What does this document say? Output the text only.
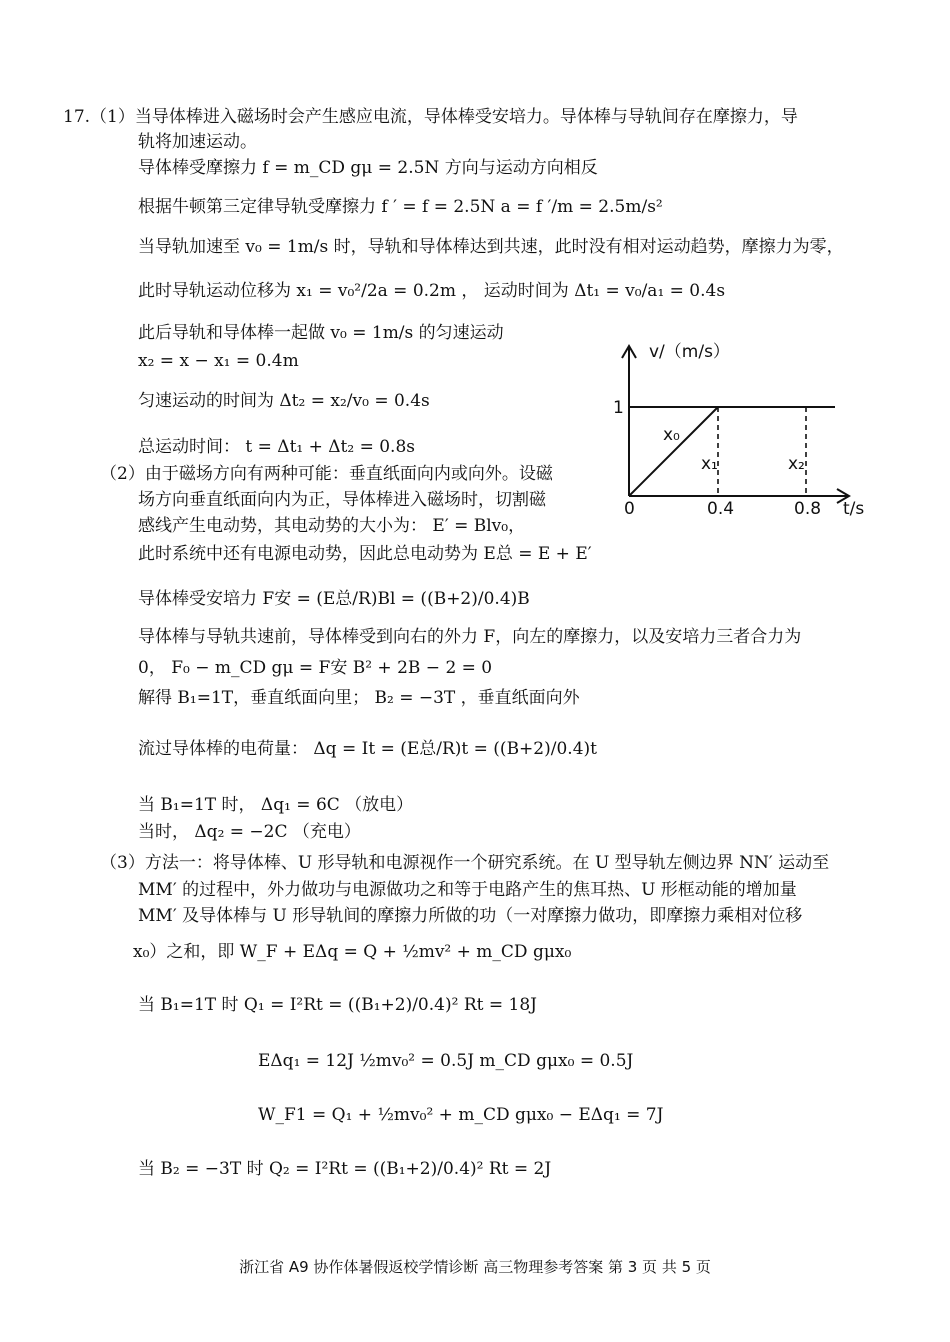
17.（1）当导体棒进入磁场时会产生感应电流，导体棒受安培力。导体棒与导轨间存在摩擦力，导
轨将加速运动。
导体棒受摩擦力 f = m_CD gμ = 2.5N 方向与运动方向相反
根据牛顿第三定律导轨受摩擦力 f ′ = f = 2.5N a = f ′/m = 2.5m/s²
当导轨加速至 v₀ = 1m/s 时，导轨和导体棒达到共速，此时没有相对运动趋势，摩擦力为零，
此时导轨运动位移为 x₁ = v₀²/2a = 0.2m ， 运动时间为 Δt₁ = v₀/a₁ = 0.4s
此后导轨和导体棒一起做 v₀ = 1m/s 的匀速运动
x₂ = x − x₁ = 0.4m
匀速运动的时间为 Δt₂ = x₂/v₀ = 0.4s
总运动时间： t = Δt₁ + Δt₂ = 0.8s
（2）由于磁场方向有两种可能：垂直纸面向内或向外。设磁
场方向垂直纸面向内为正，导体棒进入磁场时，切割磁
感线产生电动势，其电动势的大小为： E′ = Blv₀，
此时系统中还有电源电动势，因此总电动势为 E总 = E + E′
导体棒受安培力 F安 = (E总/R)Bl = ((B+2)/0.4)B
导体棒与导轨共速前，导体棒受到向右的外力 F，向左的摩擦力，以及安培力三者合力为
0， F₀ − m_CD gμ = F安 B² + 2B − 2 = 0
解得 B₁=1T，垂直纸面向里； B₂ = −3T ，垂直纸面向外
流过导体棒的电荷量： Δq = It = (E总/R)t = ((B+2)/0.4)t
当 B₁=1T 时， Δq₁ = 6C （放电）
当时， Δq₂ = −2C （充电）
（3）方法一：将导体棒、U 形导轨和电源视作一个研究系统。在 U 型导轨左侧边界 NN′ 运动至
MM′ 的过程中，外力做功与电源做功之和等于电路产生的焦耳热、U 形框动能的增加量
MM′ 及导体棒与 U 形导轨间的摩擦力所做的功（一对摩擦力做功，即摩擦力乘相对位移
x₀）之和，即 W_F + EΔq = Q + ½mv² + m_CD gμx₀
当 B₁=1T 时 Q₁ = I²Rt = ((B₁+2)/0.4)² Rt = 18J
EΔq₁ = 12J ½mv₀² = 0.5J m_CD gμx₀ = 0.5J
W_F1 = Q₁ + ½mv₀² + m_CD gμx₀ − EΔq₁ = 7J
当 B₂ = −3T 时 Q₂ = I²Rt = ((B₁+2)/0.4)² Rt = 2J
v/（m/s）
1
0	0.4	0.8 t/s
x₀
x₁	x₂
浙江省 A9 协作体暑假返校学情诊断 高三物理参考答案 第 3 页 共 5 页
